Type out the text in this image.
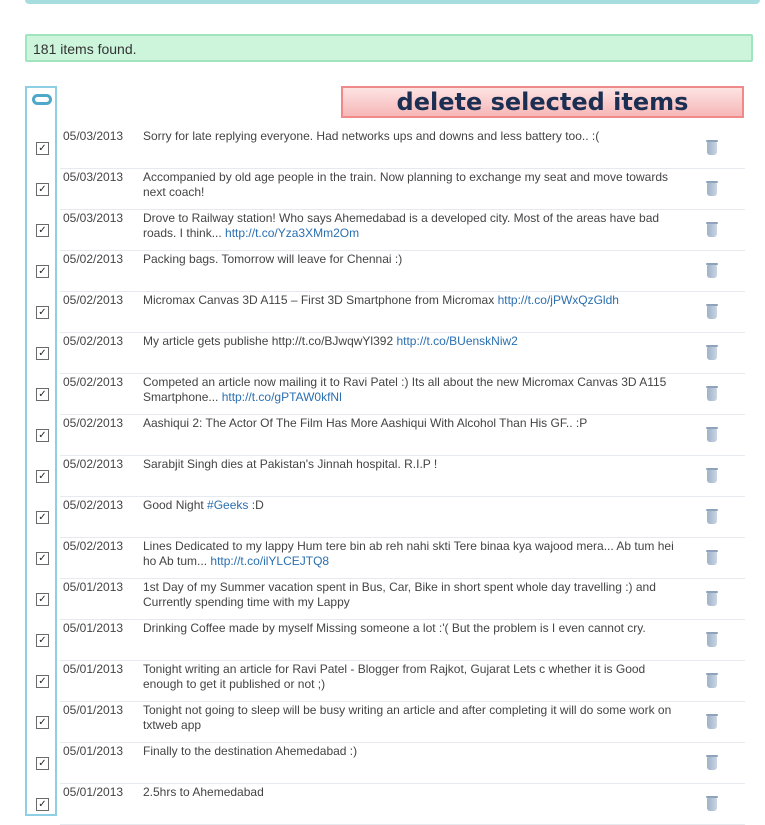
181 items found.
delete selected items
✓
05/03/2013 Sorry for late replying everyone. Had networks ups and downs and less battery too.. :(
✓
05/03/2013 Accompanied by old age people in the train. Now planning to exchange my seat and move towards next coach!
✓
05/03/2013 Drove to Railway station! Who says Ahemedabad is a developed city. Most of the areas have bad roads. I think... http://t.co/Yza3XMm2Om
✓
05/02/2013 Packing bags. Tomorrow will leave for Chennai :)
✓
05/02/2013 Micromax Canvas 3D A115 – First 3D Smartphone from Micromax http://t.co/jPWxQzGldh
✓
05/02/2013 My article gets publishe http://t.co/BJwqwYl392 http://t.co/BUenskNiw2
✓
05/02/2013 Competed an article now mailing it to Ravi Patel :) Its all about the new Micromax Canvas 3D A115 Smartphone... http://t.co/gPTAW0kfNl
✓
05/02/2013 Aashiqui 2: The Actor Of The Film Has More Aashiqui With Alcohol Than His GF.. :P
✓
05/02/2013 Sarabjit Singh dies at Pakistan's Jinnah hospital. R.I.P !
✓
05/02/2013 Good Night #Geeks :D
✓
05/02/2013 Lines Dedicated to my lappy Hum tere bin ab reh nahi skti Tere binaa kya wajood mera... Ab tum hei ho Ab tum... http://t.co/ilYLCEJTQ8
✓
05/01/2013 1st Day of my Summer vacation spent in Bus, Car, Bike in short spent whole day travelling :) and Currently spending time with my Lappy
✓
05/01/2013 Drinking Coffee made by myself Missing someone a lot :'( But the problem is I even cannot cry.
✓
05/01/2013 Tonight writing an article for Ravi Patel - Blogger from Rajkot, Gujarat Lets c whether it is Good enough to get it published or not ;)
✓
05/01/2013 Tonight not going to sleep will be busy writing an article and after completing it will do some work on txtweb app
✓
05/01/2013 Finally to the destination Ahemedabad :)
✓
05/01/2013 2.5hrs to Ahemedabad
